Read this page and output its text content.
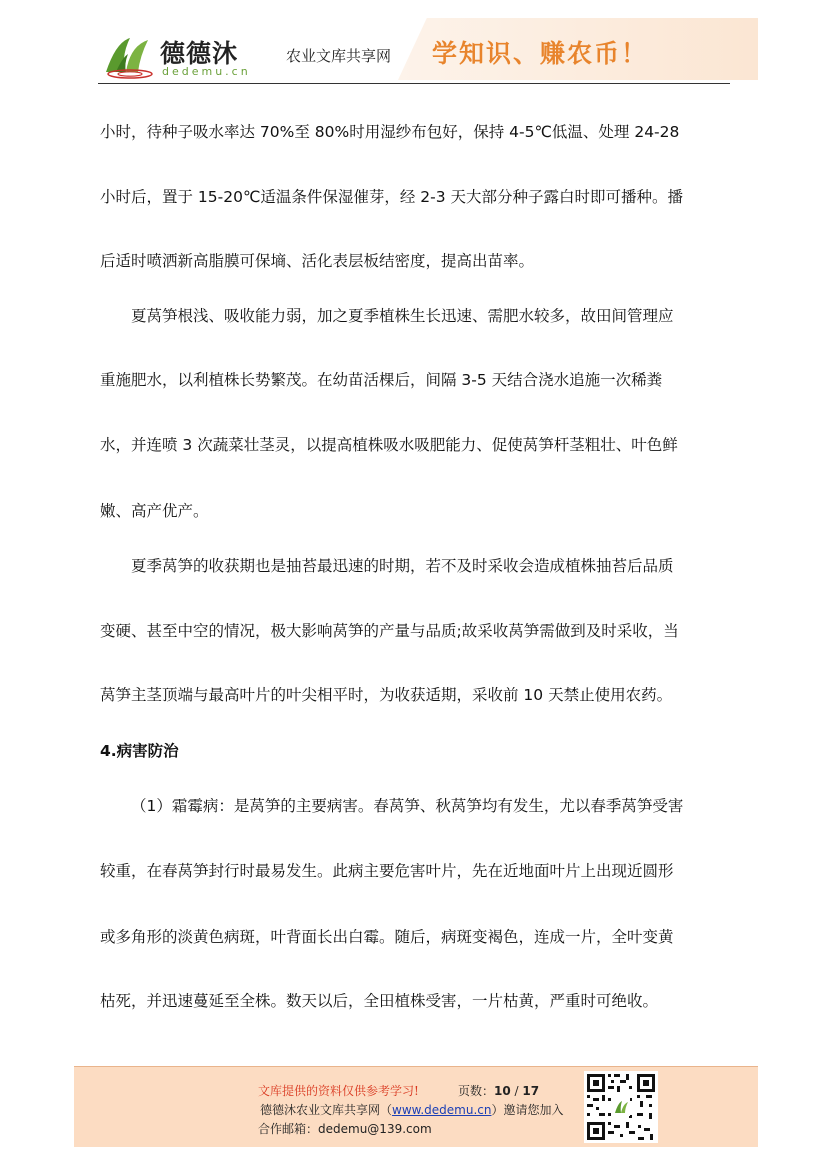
德德沐
dedemu.cn
农业文库共享网 学知识、赚农币！
小时，待种子吸水率达 70%至 80%时用湿纱布包好，保持 4-5℃低温、处理 24-28
小时后，置于 15-20℃适温条件保湿催芽，经 2-3 天大部分种子露白时即可播种。播
后适时喷洒新高脂膜可保墒、活化表层板结密度，提高出苗率。
夏莴笋根浅、吸收能力弱，加之夏季植株生长迅速、需肥水较多，故田间管理应
重施肥水，以利植株长势繁茂。在幼苗活棵后，间隔 3-5 天结合浇水追施一次稀粪
水，并连喷 3 次蔬菜壮茎灵，以提高植株吸水吸肥能力、促使莴笋杆茎粗壮、叶色鲜
嫩、高产优产。
夏季莴笋的收获期也是抽苔最迅速的时期，若不及时采收会造成植株抽苔后品质
变硬、甚至中空的情况，极大影响莴笋的产量与品质;故采收莴笋需做到及时采收，当
莴笋主茎顶端与最高叶片的叶尖相平时，为收获适期，采收前 10 天禁止使用农药。
4.病害防治
（1）霜霉病：是莴笋的主要病害。春莴笋、秋莴笋均有发生，尤以春季莴笋受害
较重，在春莴笋封行时最易发生。此病主要危害叶片，先在近地面叶片上出现近圆形
或多角形的淡黄色病斑，叶背面长出白霉。随后，病斑变褐色，连成一片，全叶变黄
枯死，并迅速蔓延至全株。数天以后，全田植株受害，一片枯黄，严重时可绝收。
文库提供的资料仅供参考学习!	页数：10 / 17
德德沐农业文库共享网（www.dedemu.cn）邀请您加入
合作邮箱：dedemu@139.com
